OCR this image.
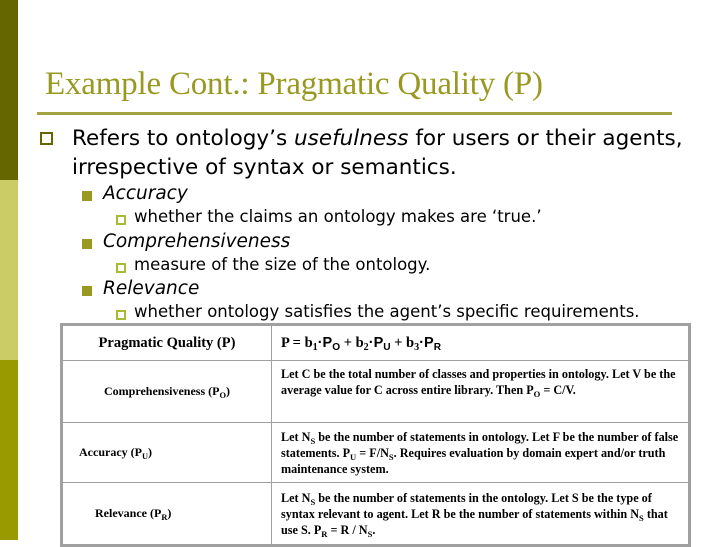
Example Cont.: Pragmatic Quality (P)
Refers to ontology’s usefulness for users or their agents, irrespective of syntax or semantics.
Accuracy
whether the claims an ontology makes are ‘true.’
Comprehensiveness
measure of the size of the ontology.
Relevance
whether ontology satisfies the agent’s specific requirements.
Pragmatic Quality (P)	$P = b_1\cdot P_O + b_2\cdot P_U + b_3\cdot P_R$
Comprehensiveness $(P_O)$	Let C be the total number of classes and properties in ontology. Let V be the average value for C across entire library. Then $P_O = C/V$.
Accuracy $(P_U)$	Let $N_S$ be the number of statements in ontology. Let F be the number of false statements. $P_U = F/N_S$. Requires evaluation by domain expert and/or truth maintenance system.
Relevance $(P_R)$	Let $N_S$ be the number of statements in the ontology. Let S be the type of syntax relevant to agent. Let R be the number of statements within $N_S$ that use S. $P_R = R / N_S$.
